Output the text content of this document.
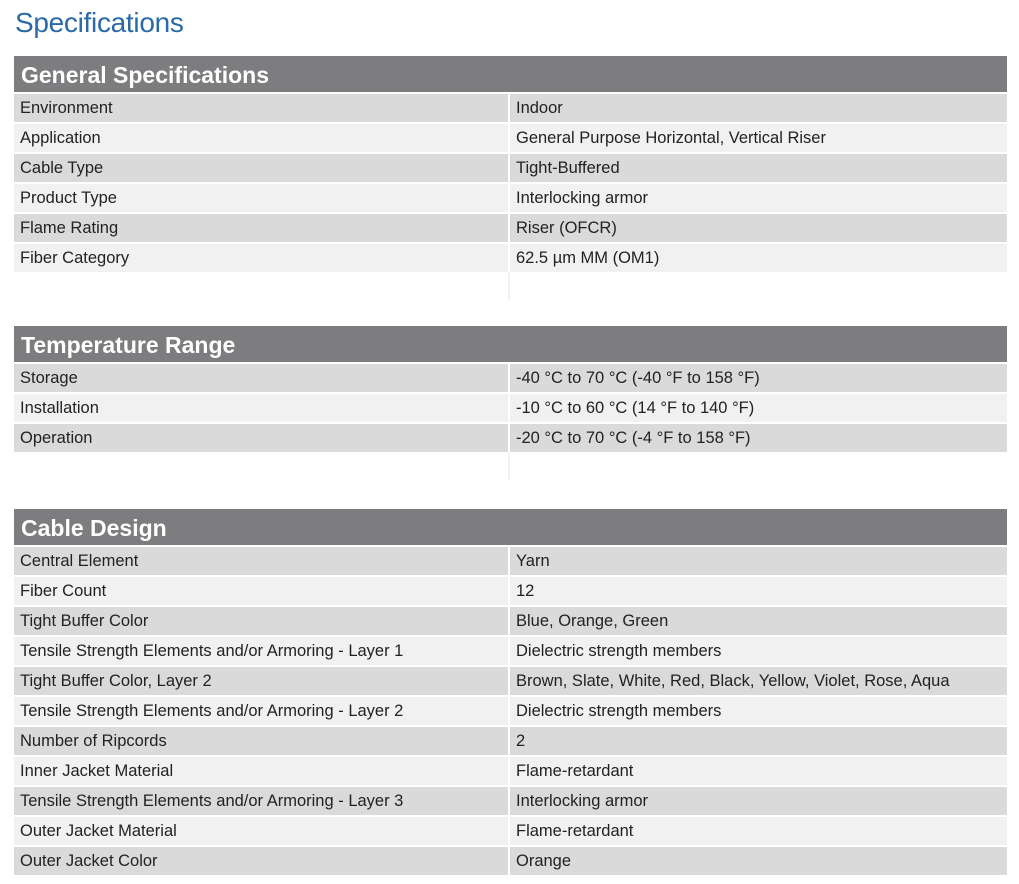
Specifications
General Specifications
Environment	Indoor
Application	General Purpose Horizontal, Vertical Riser
Cable Type	Tight-Buffered
Product Type	Interlocking armor
Flame Rating	Riser (OFCR)
Fiber Category	62.5 µm MM (OM1)

Temperature Range
Storage	-40 °C to 70 °C (-40 °F to 158 °F)
Installation	-10 °C to 60 °C (14 °F to 140 °F)
Operation	-20 °C to 70 °C (-4 °F to 158 °F)

Cable Design
Central Element	Yarn
Fiber Count	12
Tight Buffer Color	Blue, Orange, Green
Tensile Strength Elements and/or Armoring - Layer 1	Dielectric strength members
Tight Buffer Color, Layer 2	Brown, Slate, White, Red, Black, Yellow, Violet, Rose, Aqua
Tensile Strength Elements and/or Armoring - Layer 2	Dielectric strength members
Number of Ripcords	2
Inner Jacket Material	Flame-retardant
Tensile Strength Elements and/or Armoring - Layer 3	Interlocking armor
Outer Jacket Material	Flame-retardant
Outer Jacket Color	Orange
